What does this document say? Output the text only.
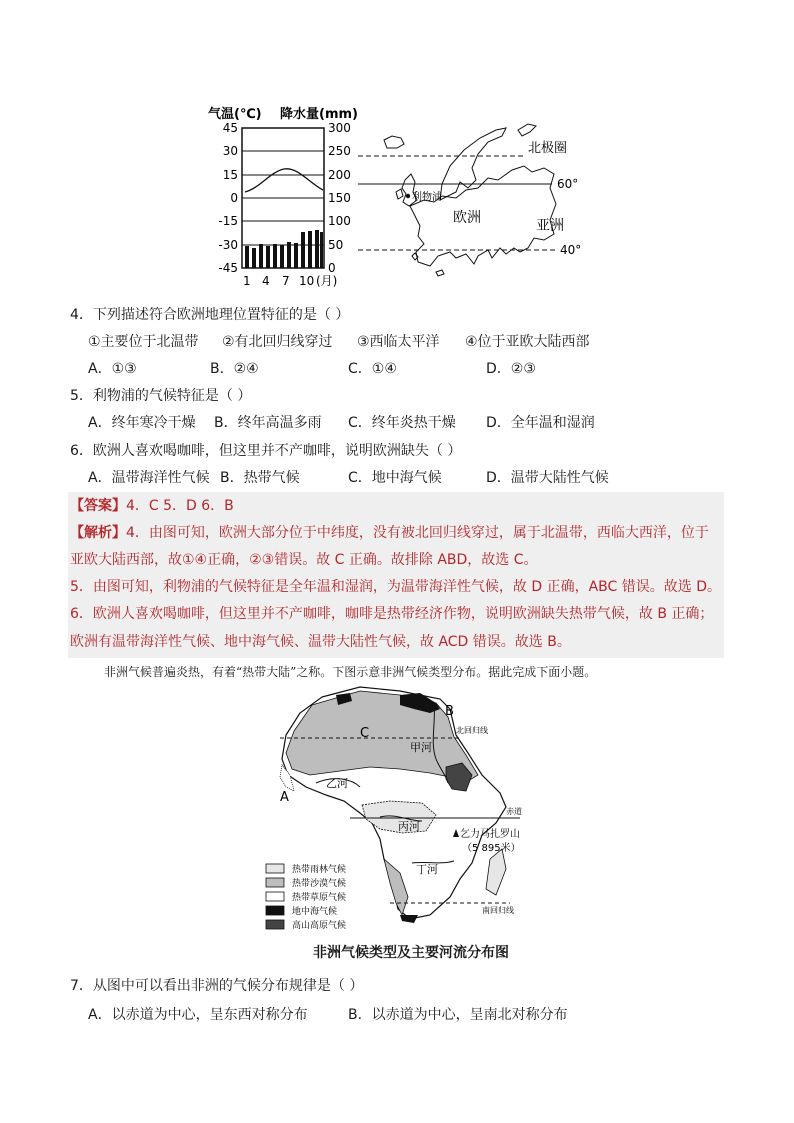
气温(℃) 降水量(mm)
45
30
15
0
-15
-30
-45
300
250
200
150
100
50
0
1 4 7 10 (月)
北极圈
60°
40°
利物浦
欧洲	亚洲
4．下列描述符合欧洲地理位置特征的是（ ）
①主要位于北温带 ②有北回归线穿过 ③西临太平洋 ④位于亚欧大陆西部
A．①③	B．②④	C．①④	D．②③
5．利物浦的气候特征是（ ）
A．终年寒冷干燥 B．终年高温多雨 C．终年炎热干燥 D．全年温和湿润
6．欧洲人喜欢喝咖啡，但这里并不产咖啡，说明欧洲缺失（ ）
A．温带海洋性气候 B．热带气候	C．地中海气候	D．温带大陆性气候
【答案】4．C 5．D 6．B
【解析】4．由图可知，欧洲大部分位于中纬度，没有被北回归线穿过，属于北温带，西临大西洋，位于
亚欧大陆西部，故①④正确，②③错误。故 C 正确。故排除 ABD，故选 C。
5．由图可知，利物浦的气候特征是全年温和湿润，为温带海洋性气候，故 D 正确，ABC 错误。故选 D。
6．欧洲人喜欢喝咖啡，但这里并不产咖啡，咖啡是热带经济作物，说明欧洲缺失热带气候，故 B 正确；
欧洲有温带海洋性气候、地中海气候、温带大陆性气候，故 ACD 错误。故选 B。
非洲气候普遍炎热，有着“热带大陆”之称。下图示意非洲气候类型分布。据此完成下面小题。
A
B
C
甲河
乙河
丙河
丁河
北回归线
赤道
南回归线
乞力马扎罗山
（5 895米）
热带雨林气候
热带沙漠气候
热带草原气候
地中海气候
高山高原气候
非洲气候类型及主要河流分布图
7．从图中可以看出非洲的气候分布规律是（ ）
A．以赤道为中心，呈东西对称分布	B．以赤道为中心，呈南北对称分布
